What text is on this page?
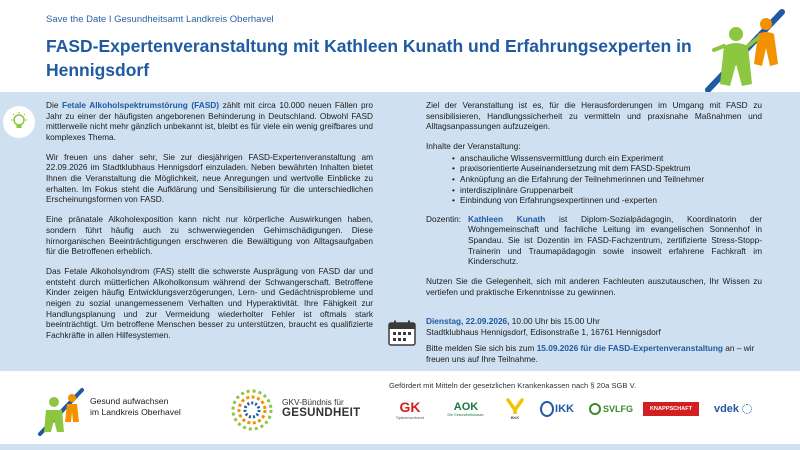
Save the Date I Gesundheitsamt Landkreis Oberhavel
FASD-Expertenveranstaltung mit Kathleen Kunath und Erfahrungsexperten in Hennigsdorf

Die Fetale Alkoholspektrumstörung (FASD) zählt mit circa 10.000 neuen Fällen pro Jahr zu einer der häufigsten angeborenen Behinderung in Deutschland. Obwohl FASD mittlerweile nicht mehr gänzlich unbekannt ist, bleibt es für viele ein wenig greifbares und komplexes Thema.

Wir freuen uns daher sehr, Sie zur diesjährigen FASD-Expertenveranstaltung am 22.09.2026 im Stadtklubhaus Hennigsdorf einzuladen. Neben bewährten Inhalten bietet Ihnen die Veranstaltung die Möglichkeit, neue Anregungen und wertvolle Einblicke zu erhalten. Im Fokus steht die Aufklärung und Sensibilisierung für die unterschiedlichen Erscheinungsformen von FASD.

Eine pränatale Alkoholexposition kann nicht nur körperliche Auswirkungen haben, sondern führt häufig auch zu schwerwiegenden Gehirnschädigungen. Diese hirnorganischen Beeinträchtigungen erschweren die Bewältigung von Alltagsaufgaben für die Betroffenen erheblich.

Das Fetale Alkoholsyndrom (FAS) stellt die schwerste Ausprägung von FASD dar und entsteht durch mütterlichen Alkoholkonsum während der Schwangerschaft. Betroffene Kinder zeigen häufig Entwicklungsverzögerungen, Lern- und Gedächtnisprobleme und neigen zu sozial unangemessenem Verhalten und Hyperaktivität. Ihre Fähigkeit zur Handlungsplanung und zur Vermeidung wiederholter Fehler ist oftmals stark beeinträchtigt. Um betroffene Menschen besser zu unterstützen, braucht es qualifizierte Fachkräfte in allen Hilfesystemen.

Ziel der Veranstaltung ist es, für die Herausforderungen im Umgang mit FASD zu sensibilisieren, Handlungssicherheit zu vermitteln und praxisnahe Maßnahmen und Alltagsanpassungen aufzuzeigen.

Inhalte der Veranstaltung:

• anschauliche Wissensvermittlung durch ein Experiment
• praxisorientierte Auseinandersetzung mit dem FASD-Spektrum
• Anknüpfung an die Erfahrung der Teilnehmerinnen und Teilnehmer
• interdisziplinäre Gruppenarbeit
• Einbindung von Erfahrungsexpertinnen und -experten

Dozentin: Kathleen Kunath ist Diplom-Sozialpädagogin, Koordinatorin der Wohngemeinschaft und fachliche Leitung im evangelischen Sonnenhof in Spandau. Sie ist Dozentin im FASD-Fachzentrum, zertifizierte Stress-Stopp-Trainerin und Traumapädagogin sowie insoweit erfahrene Fachkraft im Kinderschutz.

Nutzen Sie die Gelegenheit, sich mit anderen Fachleuten auszutauschen, Ihr Wissen zu vertiefen und praktische Erkenntnisse zu gewinnen.

Dienstag, 22.09.2026, 10.00 Uhr bis 15.00 Uhr
Stadtklubhaus Hennigsdorf, Edisonstraße 1, 16761 Hennigsdorf
Bitte melden Sie sich bis zum 15.09.2026 für die FASD-Expertenveranstaltung an – wir freuen uns auf Ihre Teilnahme.
Gesund aufwachsen
im Landkreis Oberhavel
GKV-Bündnis für
GESUNDHEIT
Gefördert mit Mitteln der gesetzlichen Krankenkassen nach § 20a SGB V.
GK
Spitzenverband
AOK
Die Gesundheitskasse.	BKK
IKK	SVLFG	KNAPPSCHAFT	vdek
